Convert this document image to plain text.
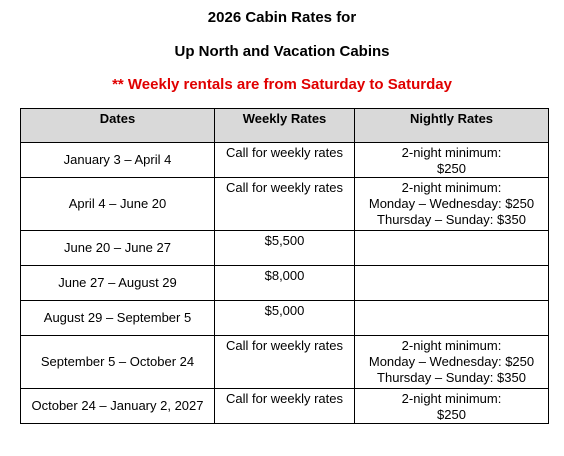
2026 Cabin Rates for
Up North and Vacation Cabins
** Weekly rentals are from Saturday to Saturday
Dates	Weekly Rates	Nightly Rates
January 3 – April 4	Call for weekly rates	2-night minimum:
$250

April 4 – June 20	Call for weekly rates	2-night minimum:
Monday – Wednesday: $250
Thursday – Sunday: $350

June 20 – June 27	$5,500	
June 27 – August 29	$8,000	
August 29 – September 5	$5,000	
September 5 – October 24	Call for weekly rates	2-night minimum:
Monday – Wednesday: $250
Thursday – Sunday: $350

October 24 – January 2, 2027	Call for weekly rates	2-night minimum:
$250
